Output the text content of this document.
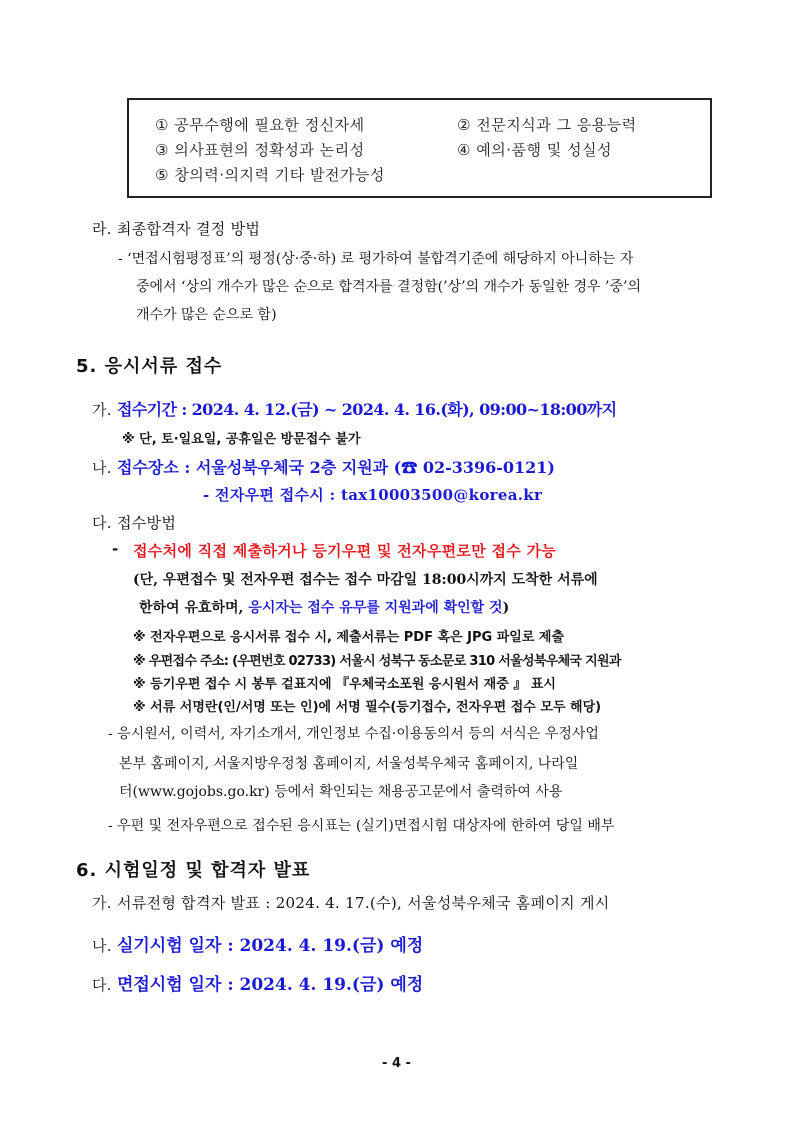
① 공무수행에 필요한 정신자세	② 전문지식과 그 응용능력
③ 의사표현의 정확성과 논리성	④ 예의·품행 및 성실성
⑤ 창의력·의지력 기타 발전가능성
라. 최종합격자 결정 방법
- ‘면접시험평정표’의 평정(상·중·하) 로 평가하여 불합격기준에 해당하지 아니하는 자
중에서 ‘상의 개수가 많은 순으로 합격자를 결정함(’상’의 개수가 동일한 경우 ’중’의
개수가 많은 순으로 함)
5. 응시서류 접수
가. 접수기간 : 2024. 4. 12.(금) ~ 2024. 4. 16.(화), 09:00~18:00까지
※ 단, 토·일요일, 공휴일은 방문접수 불가
나. 접수장소 : 서울성북우체국 2층 지원과 (☎ 02-3396-0121)
- 전자우편 접수시 : tax10003500@korea.kr
다. 접수방법
- 접수처에 직접 제출하거나 등기우편 및 전자우편로만 접수 가능
(단, 우편접수 및 전자우편 접수는 접수 마감일 18:00시까지 도착한 서류에
한하여 유효하며, 응시자는 접수 유무를 지원과에 확인할 것)
※ 전자우편으로 응시서류 접수 시, 제출서류는 PDF 혹은 JPG 파일로 제출
※ 우편접수 주소: (우편번호 02733) 서울시 성북구 동소문로 310 서울성북우체국 지원과
※ 등기우편 접수 시 봉투 겉표지에 『우체국소포원 응시원서 재중 』 표시
※ 서류 서명란(인/서명 또는 인)에 서명 필수(등기접수, 전자우편 접수 모두 해당)
- 응시원서, 이력서, 자기소개서, 개인정보 수집·이용동의서 등의 서식은 우정사업
본부 홈페이지, 서울지방우정청 홈페이지, 서울성북우체국 홈페이지, 나라일
터(www.gojobs.go.kr) 등에서 확인되는 채용공고문에서 출력하여 사용
- 우편 및 전자우편으로 접수된 응시표는 (실기)면접시험 대상자에 한하여 당일 배부
6. 시험일정 및 합격자 발표
가. 서류전형 합격자 발표 : 2024. 4. 17.(수), 서울성북우체국 홈페이지 게시
나. 실기시험 일자 : 2024. 4. 19.(금) 예정
다. 면접시험 일자 : 2024. 4. 19.(금) 예정
- 4 -
